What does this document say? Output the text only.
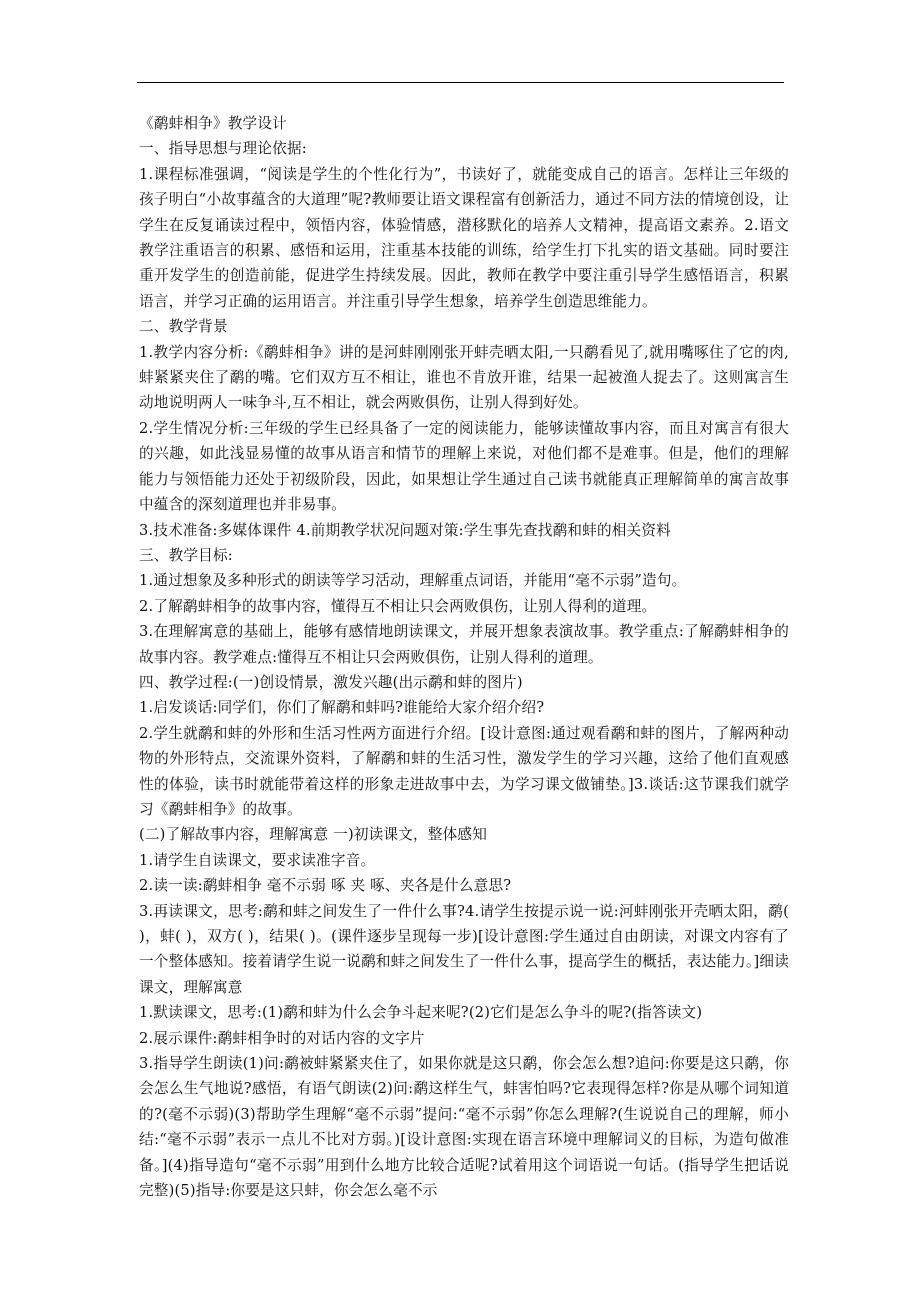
《鹬蚌相争》教学设计

一、指导思想与理论依据:

1.课程标准强调，“阅读是学生的个性化行为”，书读好了，就能变成自己的语言。怎样让三年级的孩子明白“小故事蕴含的大道理”呢?教师要让语文课程富有创新活力，通过不同方法的情境创设，让学生在反复诵读过程中，领悟内容，体验情感，潜移默化的培养人文精神，提高语文素养。2.语文教学注重语言的积累、感悟和运用，注重基本技能的训练，给学生打下扎实的语文基础。同时要注重开发学生的创造前能，促进学生持续发展。因此，教师在教学中要注重引导学生感悟语言，积累语言，并学习正确的运用语言。并注重引导学生想象，培养学生创造思维能力。

二、教学背景

1.教学内容分析:《鹬蚌相争》讲的是河蚌刚刚张开蚌壳晒太阳,一只鹬看见了,就用嘴啄住了它的肉, 蚌紧紧夹住了鹬的嘴。它们双方互不相让，谁也不肯放开谁，结果一起被渔人捉去了。这则寓言生动地说明两人一味争斗,互不相让，就会两败俱伤，让别人得到好处。

2.学生情况分析:三年级的学生已经具备了一定的阅读能力，能够读懂故事内容，而且对寓言有很大的兴趣，如此浅显易懂的故事从语言和情节的理解上来说，对他们都不是难事。但是，他们的理解能力与领悟能力还处于初级阶段，因此，如果想让学生通过自己读书就能真正理解简单的寓言故事中蕴含的深刻道理也并非易事。

3.技术准备:多媒体课件 4.前期教学状况问题对策:学生事先查找鹬和蚌的相关资料

三、教学目标:

1.通过想象及多种形式的朗读等学习活动，理解重点词语，并能用“毫不示弱”造句。

2.了解鹬蚌相争的故事内容，懂得互不相让只会两败俱伤，让别人得利的道理。

3.在理解寓意的基础上，能够有感情地朗读课文，并展开想象表演故事。教学重点:了解鹬蚌相争的故事内容。教学难点:懂得互不相让只会两败俱伤，让别人得利的道理。

四、教学过程:(一)创设情景，激发兴趣(出示鹬和蚌的图片)

1.启发谈话:同学们，你们了解鹬和蚌吗?谁能给大家介绍介绍?

2.学生就鹬和蚌的外形和生活习性两方面进行介绍。[设计意图:通过观看鹬和蚌的图片，了解两种动物的外形特点，交流课外资料，了解鹬和蚌的生活习性，激发学生的学习兴趣，这给了他们直观感性的体验，读书时就能带着这样的形象走进故事中去，为学习课文做铺垫。]3.谈话:这节课我们就学习《鹬蚌相争》的故事。

(二)了解故事内容，理解寓意 一)初读课文，整体感知

1.请学生自读课文，要求读准字音。

2.读一读:鹬蚌相争 毫不示弱 啄 夹 啄、夹各是什么意思?

3.再读课文，思考:鹬和蚌之间发生了一件什么事?4.请学生按提示说一说:河蚌刚张开壳晒太阳，鹬( )，蚌( )，双方( )，结果( )。(课件逐步呈现每一步)[设计意图:学生通过自由朗读，对课文内容有了一个整体感知。接着请学生说一说鹬和蚌之间发生了一件什么事，提高学生的概括，表达能力。]细读课文，理解寓意

1.默读课文，思考:(1)鹬和蚌为什么会争斗起来呢?(2)它们是怎么争斗的呢?(指答读文)

2.展示课件:鹬蚌相争时的对话内容的文字片

3.指导学生朗读(1)问:鹬被蚌紧紧夹住了，如果你就是这只鹬，你会怎么想?追问:你要是这只鹬，你会怎么生气地说?感悟，有语气朗读(2)问:鹬这样生气，蚌害怕吗?它表现得怎样?你是从哪个词知道的?(毫不示弱)(3)帮助学生理解“毫不示弱”提问:“毫不示弱”你怎么理解?(生说说自己的理解，师小结:“毫不示弱”表示一点儿不比对方弱。)[设计意图:实现在语言环境中理解词义的目标，为造句做准备。](4)指导造句“毫不示弱”用到什么地方比较合适呢?试着用这个词语说一句话。(指导学生把话说完整)(5)指导:你要是这只蚌，你会怎么毫不示
